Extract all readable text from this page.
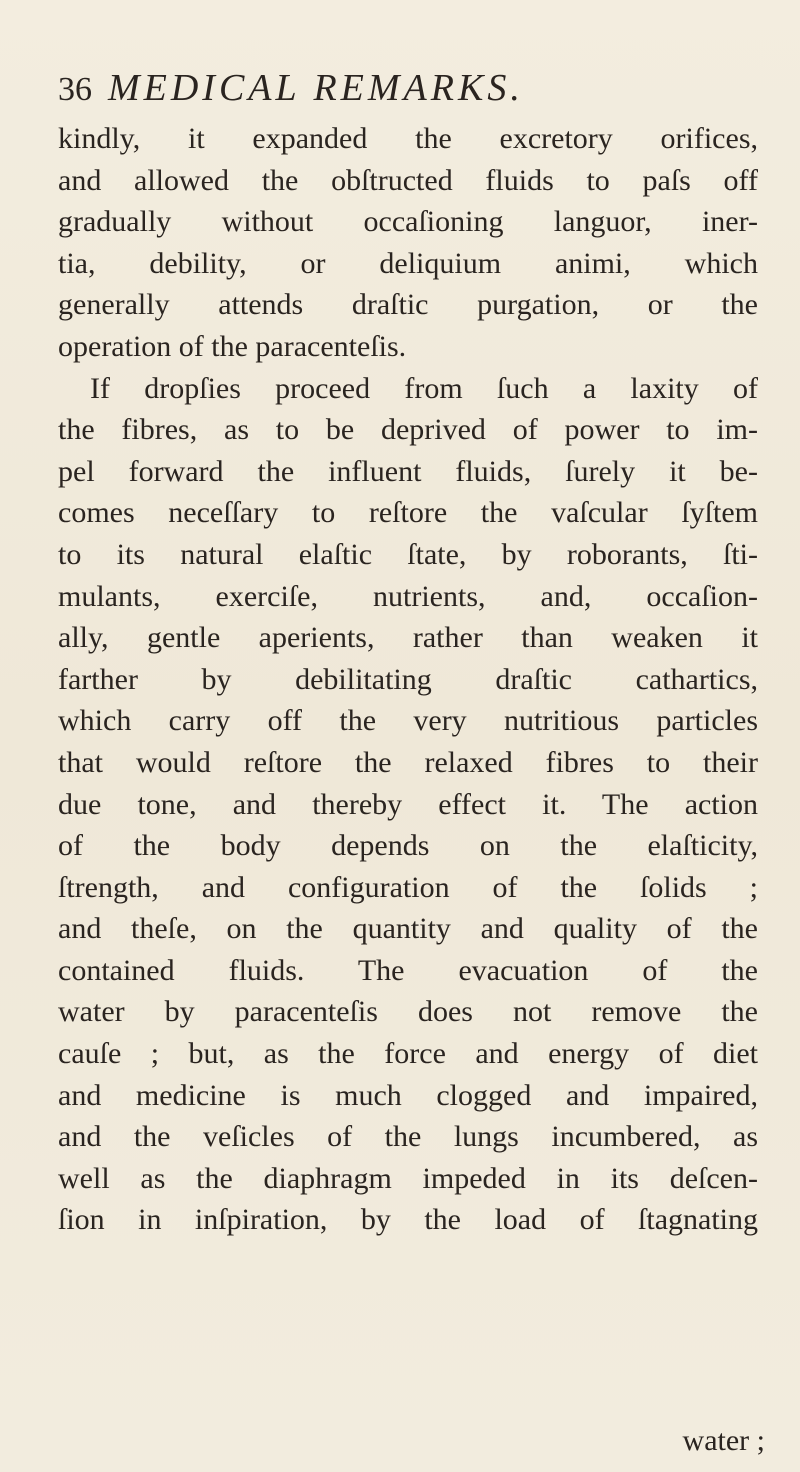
36 MEDICAL REMARKS.
kindly, it expanded the excretory orifices,
and allowed the obſtructed fluids to paſs off
gradually without occaſioning languor, iner-
tia, debility, or deliquium animi, which
generally attends draſtic purgation, or the
operation of the paracenteſis.
If dropſies proceed from ſuch a laxity of
the fibres, as to be deprived of power to im-
pel forward the influent fluids, ſurely it be-
comes neceſſary to reſtore the vaſcular ſyſtem
to its natural elaſtic ſtate, by roborants, ſti-
mulants, exerciſe, nutrients, and, occaſion-
ally, gentle aperients, rather than weaken it
farther by debilitating draſtic cathartics,
which carry off the very nutritious particles
that would reſtore the relaxed fibres to their
due tone, and thereby effect it. The action
of the body depends on the elaſticity,
ſtrength, and configuration of the ſolids ;
and theſe, on the quantity and quality of the
contained fluids. The evacuation of the
water by paracenteſis does not remove the
cauſe ; but, as the force and energy of diet
and medicine is much clogged and impaired,
and the veſicles of the lungs incumbered, as
well as the diaphragm impeded in its deſcen-
ſion in inſpiration, by the load of ſtagnating
water ;
